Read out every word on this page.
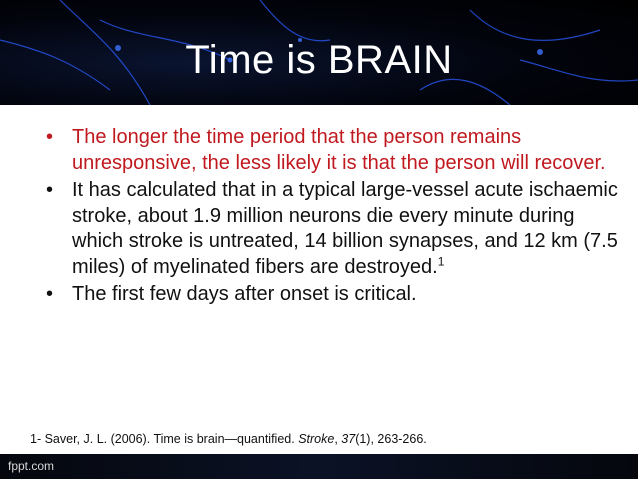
Time is BRAIN
• The longer the time period that the person remains unresponsive, the less likely it is that the person will recover.
• It has calculated that in a typical large-vessel acute ischaemic stroke, about 1.9 million neurons die every minute during which stroke is untreated, 14 billion synapses, and 12 km (7.5 miles) of myelinated fibers are destroyed.$^1$
• The first few days after onset is critical.
1- Saver, J. L. (2006). Time is brain—quantified. Stroke, 37(1), 263-266.
fppt.com
